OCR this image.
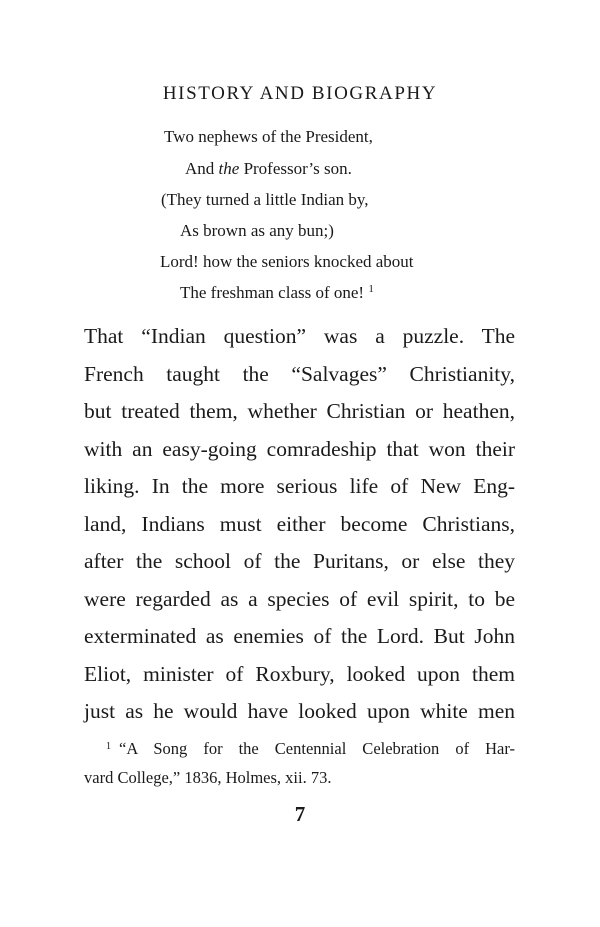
HISTORY AND BIOGRAPHY
Two nephews of the President,
And the Professor’s son.
(They turned a little Indian by,
As brown as any bun;)
Lord! how the seniors knocked about
The freshman class of one! $^1$
That “Indian question” was a puzzle. The
French taught the “Salvages” Christianity,
but treated them, whether Christian or heathen,
with an easy-going comradeship that won their
liking. In the more serious life of New Eng-
land, Indians must either become Christians,
after the school of the Puritans, or else they
were regarded as a species of evil spirit, to be
exterminated as enemies of the Lord. But John
Eliot, minister of Roxbury, looked upon them
just as he would have looked upon white men
$^1$ “A Song for the Centennial Celebration of Har-
vard College,” 1836, Holmes, xii. 73.
7
